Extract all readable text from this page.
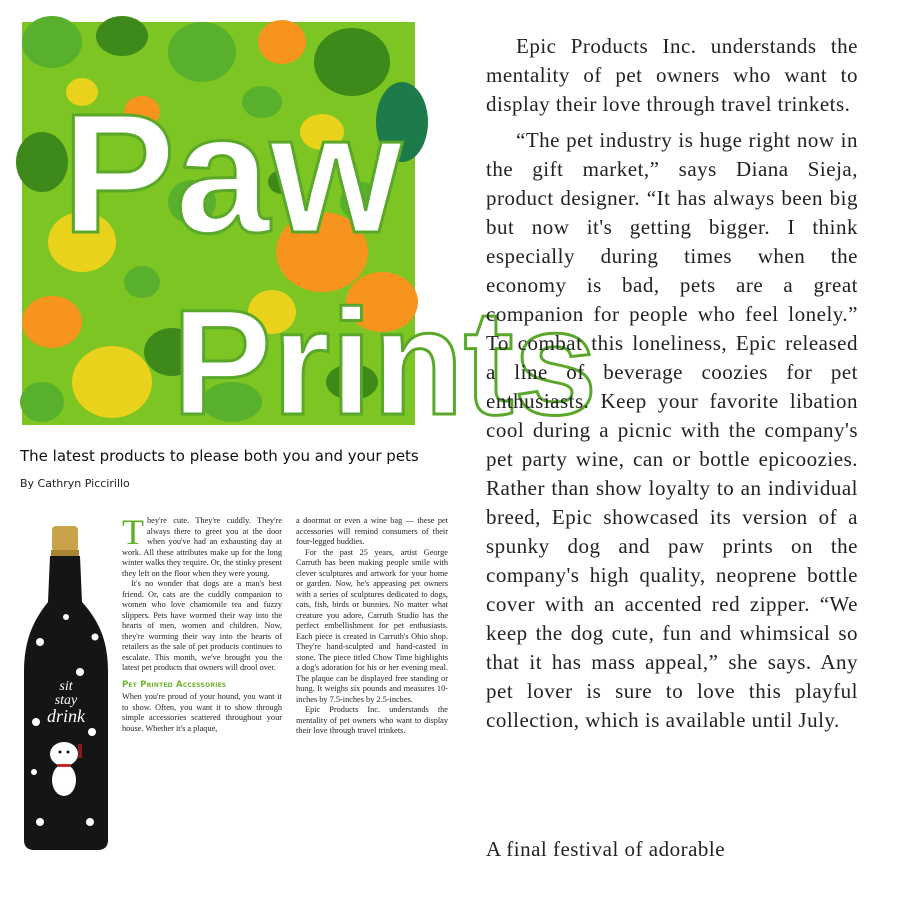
Paw
Prints
The latest products to please both you and your pets
By Cathryn Piccirillo
sit
stay
drink

They're cute. They're cuddly. They're always there to greet you at the door when you've had an exhausting day at work. All these attributes make up for the long winter walks they require. Or, the stinky present they left on the floor when they were young.

It's no wonder that dogs are a man's best friend. Or, cats are the cuddly companion to women who love chamomile tea and fuzzy slippers. Pets have wormed their way into the hearts of men, women and children. Now, they're worming their way into the hearts of retailers as the sale of pet products continues to escalate. This month, we've brought you the latest pet products that owners will drool over.

Pet Printed Accessories

When you're proud of your hound, you want it to show. Often, you want it to show through simple accessories scattered throughout your house. Whether it's a plaque,

a doormat or even a wine bag — these pet accessories will remind consumers of their four-legged buddies.

For the past 25 years, artist George Carruth has been making people smile with clever sculptures and artwork for your home or garden. Now, he's appeasing pet owners with a series of sculptures dedicated to dogs, cats, fish, birds or bunnies. No matter what creature you adore, Carruth Studio has the perfect embellishment for pet enthusiasts. Each piece is created in Carruth's Ohio shop. They're hand-sculpted and hand-casted in stone. The piece titled Chow Time highlights a dog's adoration for his or her evening meal. The plaque can be displayed free standing or hung. It weighs six pounds and measures 10-inches by 7.5-inches by 2.5-inches.

Epic Products Inc. understands the mentality of pet owners who want to display their love through travel trinkets.

Epic Products Inc. understands the mentality of pet owners who want to display their love through travel trinkets.

“The pet industry is huge right now in the gift market,” says Diana Sieja, product designer. “It has always been big but now it's getting bigger. I think especially during times when the economy is bad, pets are a great companion for people who feel lonely.” To combat this loneliness, Epic released a line of beverage coozies for pet enthusiasts. Keep your favorite libation cool during a picnic with the company's pet party wine, can or bottle epicoozies. Rather than show loyalty to an individual breed, Epic showcased its version of a spunky dog and paw prints on the company's high quality, neoprene bottle cover with an accented red zipper. “We keep the dog cute, fun and whimsical so that it has mass appeal,” she says. Any pet lover is sure to love this playful collection, which is available until July.

A final festival of adorable
